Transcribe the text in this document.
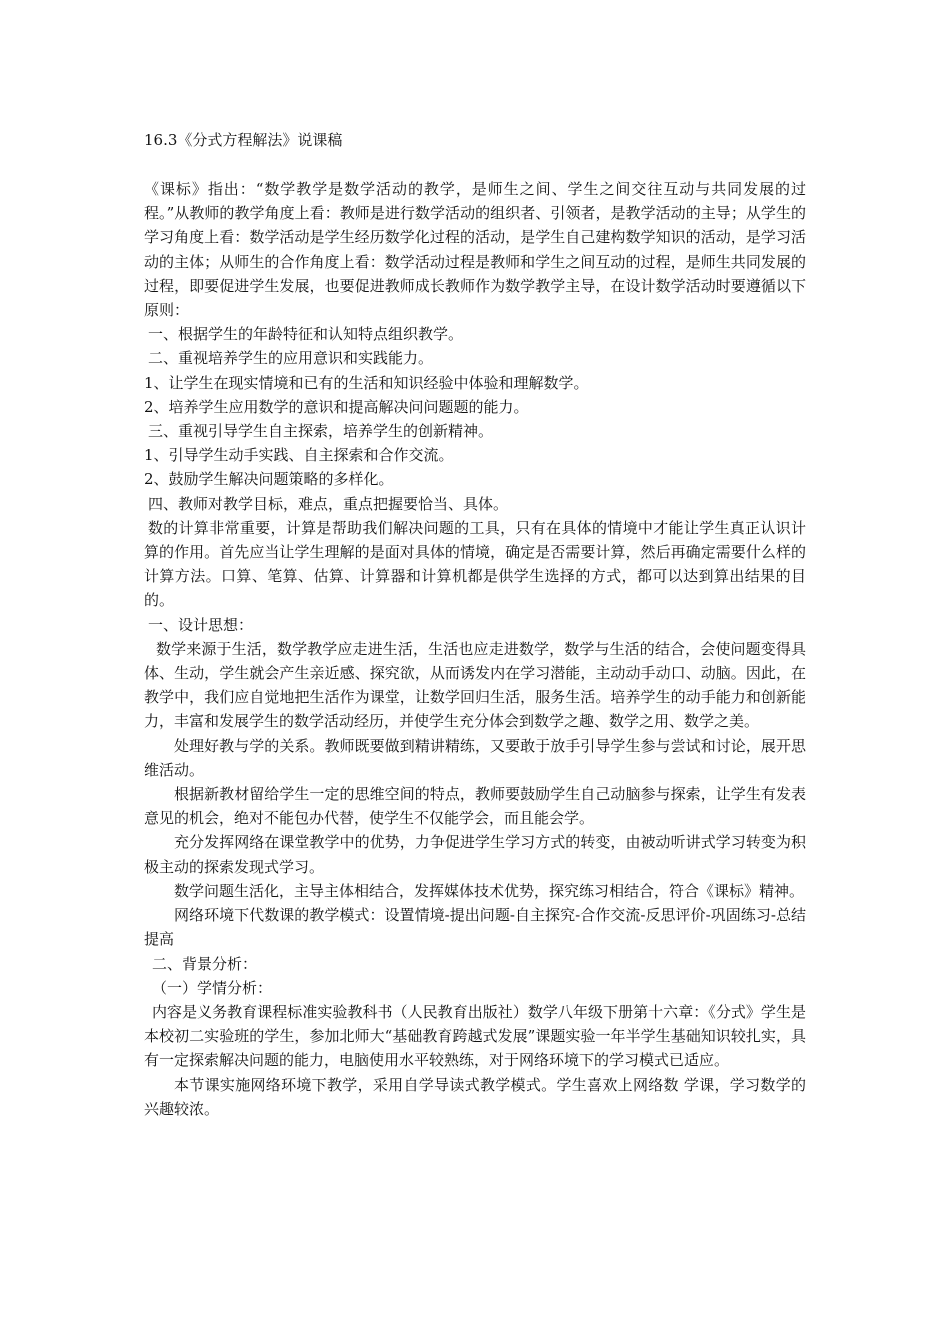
16.3《分式方程解法》说课稿

《课标》指出：“数学教学是数学活动的教学，是师生之间、学生之间交往互动与共同发展的过程。”从教师的教学角度上看：教师是进行数学活动的组织者、引领者，是教学活动的主导；从学生的学习角度上看：数学活动是学生经历数学化过程的活动，是学生自己建构数学知识的活动，是学习活动的主体；从师生的合作角度上看：数学活动过程是教师和学生之间互动的过程，是师生共同发展的过程，即要促进学生发展，也要促进教师成长教师作为数学教学主导，在设计数学活动时要遵循以下原则：

一、根据学生的年龄特征和认知特点组织教学。

二、重视培养学生的应用意识和实践能力。

1、让学生在现实情境和已有的生活和知识经验中体验和理解数学。

2、培养学生应用数学的意识和提高解决问问题题的能力。

三、重视引导学生自主探索，培养学生的创新精神。

1、引导学生动手实践、自主探索和合作交流。

2、鼓励学生解决问题策略的多样化。

四、教师对教学目标，难点，重点把握要恰当、具体。

数的计算非常重要，计算是帮助我们解决问题的工具，只有在具体的情境中才能让学生真正认识计算的作用。首先应当让学生理解的是面对具体的情境，确定是否需要计算，然后再确定需要什么样的计算方法。口算、笔算、估算、计算器和计算机都是供学生选择的方式，都可以达到算出结果的目的。

一、设计思想：

数学来源于生活，数学教学应走进生活，生活也应走进数学，数学与生活的结合，会使问题变得具体、生动，学生就会产生亲近感、探究欲，从而诱发内在学习潜能，主动动手动口、动脑。因此，在教学中，我们应自觉地把生活作为课堂，让数学回归生活，服务生活。培养学生的动手能力和创新能力，丰富和发展学生的数学活动经历，并使学生充分体会到数学之趣、数学之用、数学之美。

处理好教与学的关系。教师既要做到精讲精练，又要敢于放手引导学生参与尝试和讨论，展开思维活动。

根据新教材留给学生一定的思维空间的特点，教师要鼓励学生自己动脑参与探索，让学生有发表意见的机会，绝对不能包办代替，使学生不仅能学会，而且能会学。

充分发挥网络在课堂教学中的优势，力争促进学生学习方式的转变，由被动听讲式学习转变为积极主动的探索发现式学习。

数学问题生活化，主导主体相结合，发挥媒体技术优势，探究练习相结合，符合《课标》精神。

网络环境下代数课的教学模式：设置情境-提出问题-自主探究-合作交流-反思评价-巩固练习-总结提高

二、背景分析：

（一）学情分析：

内容是义务教育课程标准实验教科书（人民教育出版社）数学八年级下册第十六章：《分式》学生是本校初二实验班的学生，参加北师大“基础教育跨越式发展”课题实验一年半学生基础知识较扎实，具有一定探索解决问题的能力，电脑使用水平较熟练，对于网络环境下的学习模式已适应。

本节课实施网络环境下教学，采用自学导读式教学模式。学生喜欢上网络数 学课，学习数学的兴趣较浓。
